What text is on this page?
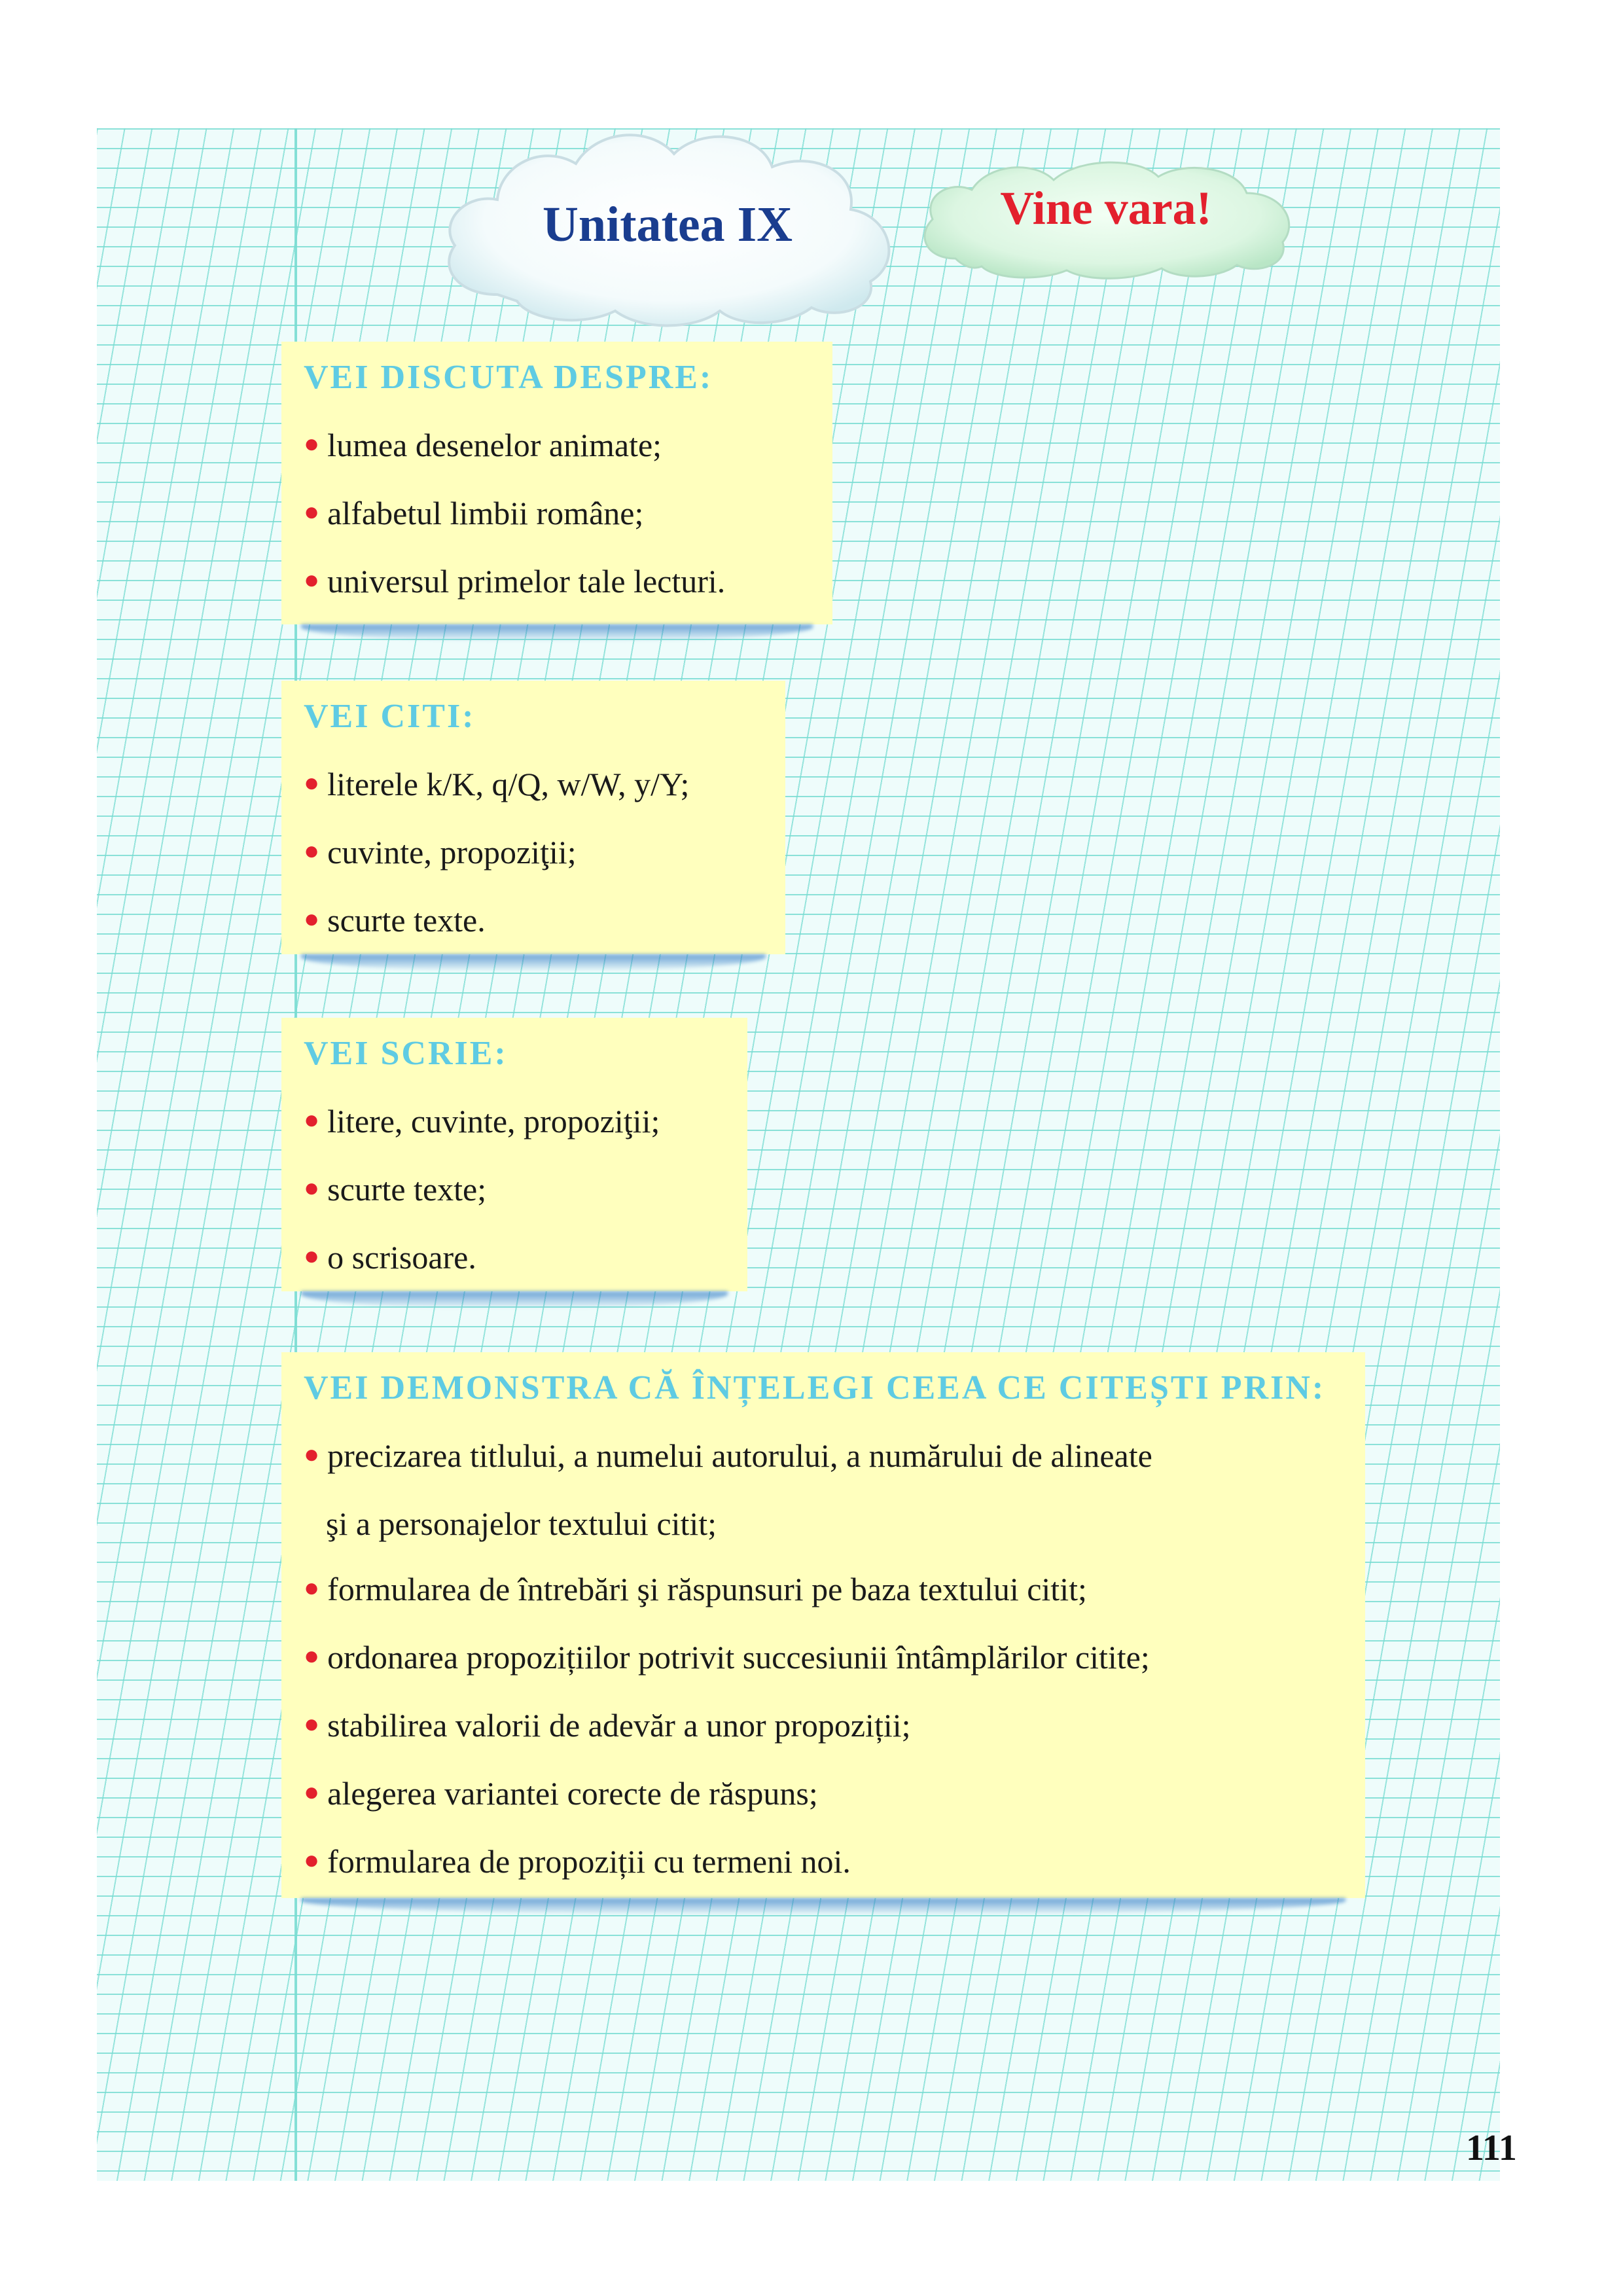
Unitatea IX	Vine vara!
VEI DISCUTA DESPRE:
● lumea desenelor animate;
● alfabetul limbii române;
● universul primelor tale lecturi.
VEI CITI:
● literele k/K, q/Q, w/W, y/Y;
● cuvinte, propoziţii;
● scurte texte.
VEI SCRIE:
● litere, cuvinte, propoziţii;
● scurte texte;
● o scrisoare.
VEI DEMONSTRA CĂ ÎNȚELEGI CEEA CE CITEȘTI PRIN:
● precizarea titlului, a numelui autorului, a numărului de alineate
şi a personajelor textului citit;
● formularea de întrebări şi răspunsuri pe baza textului citit;
● ordonarea propozițiilor potrivit succesiunii întâmplărilor citite;
● stabilirea valorii de adevăr a unor propoziții;
● alegerea variantei corecte de răspuns;
● formularea de propoziții cu termeni noi.
111
